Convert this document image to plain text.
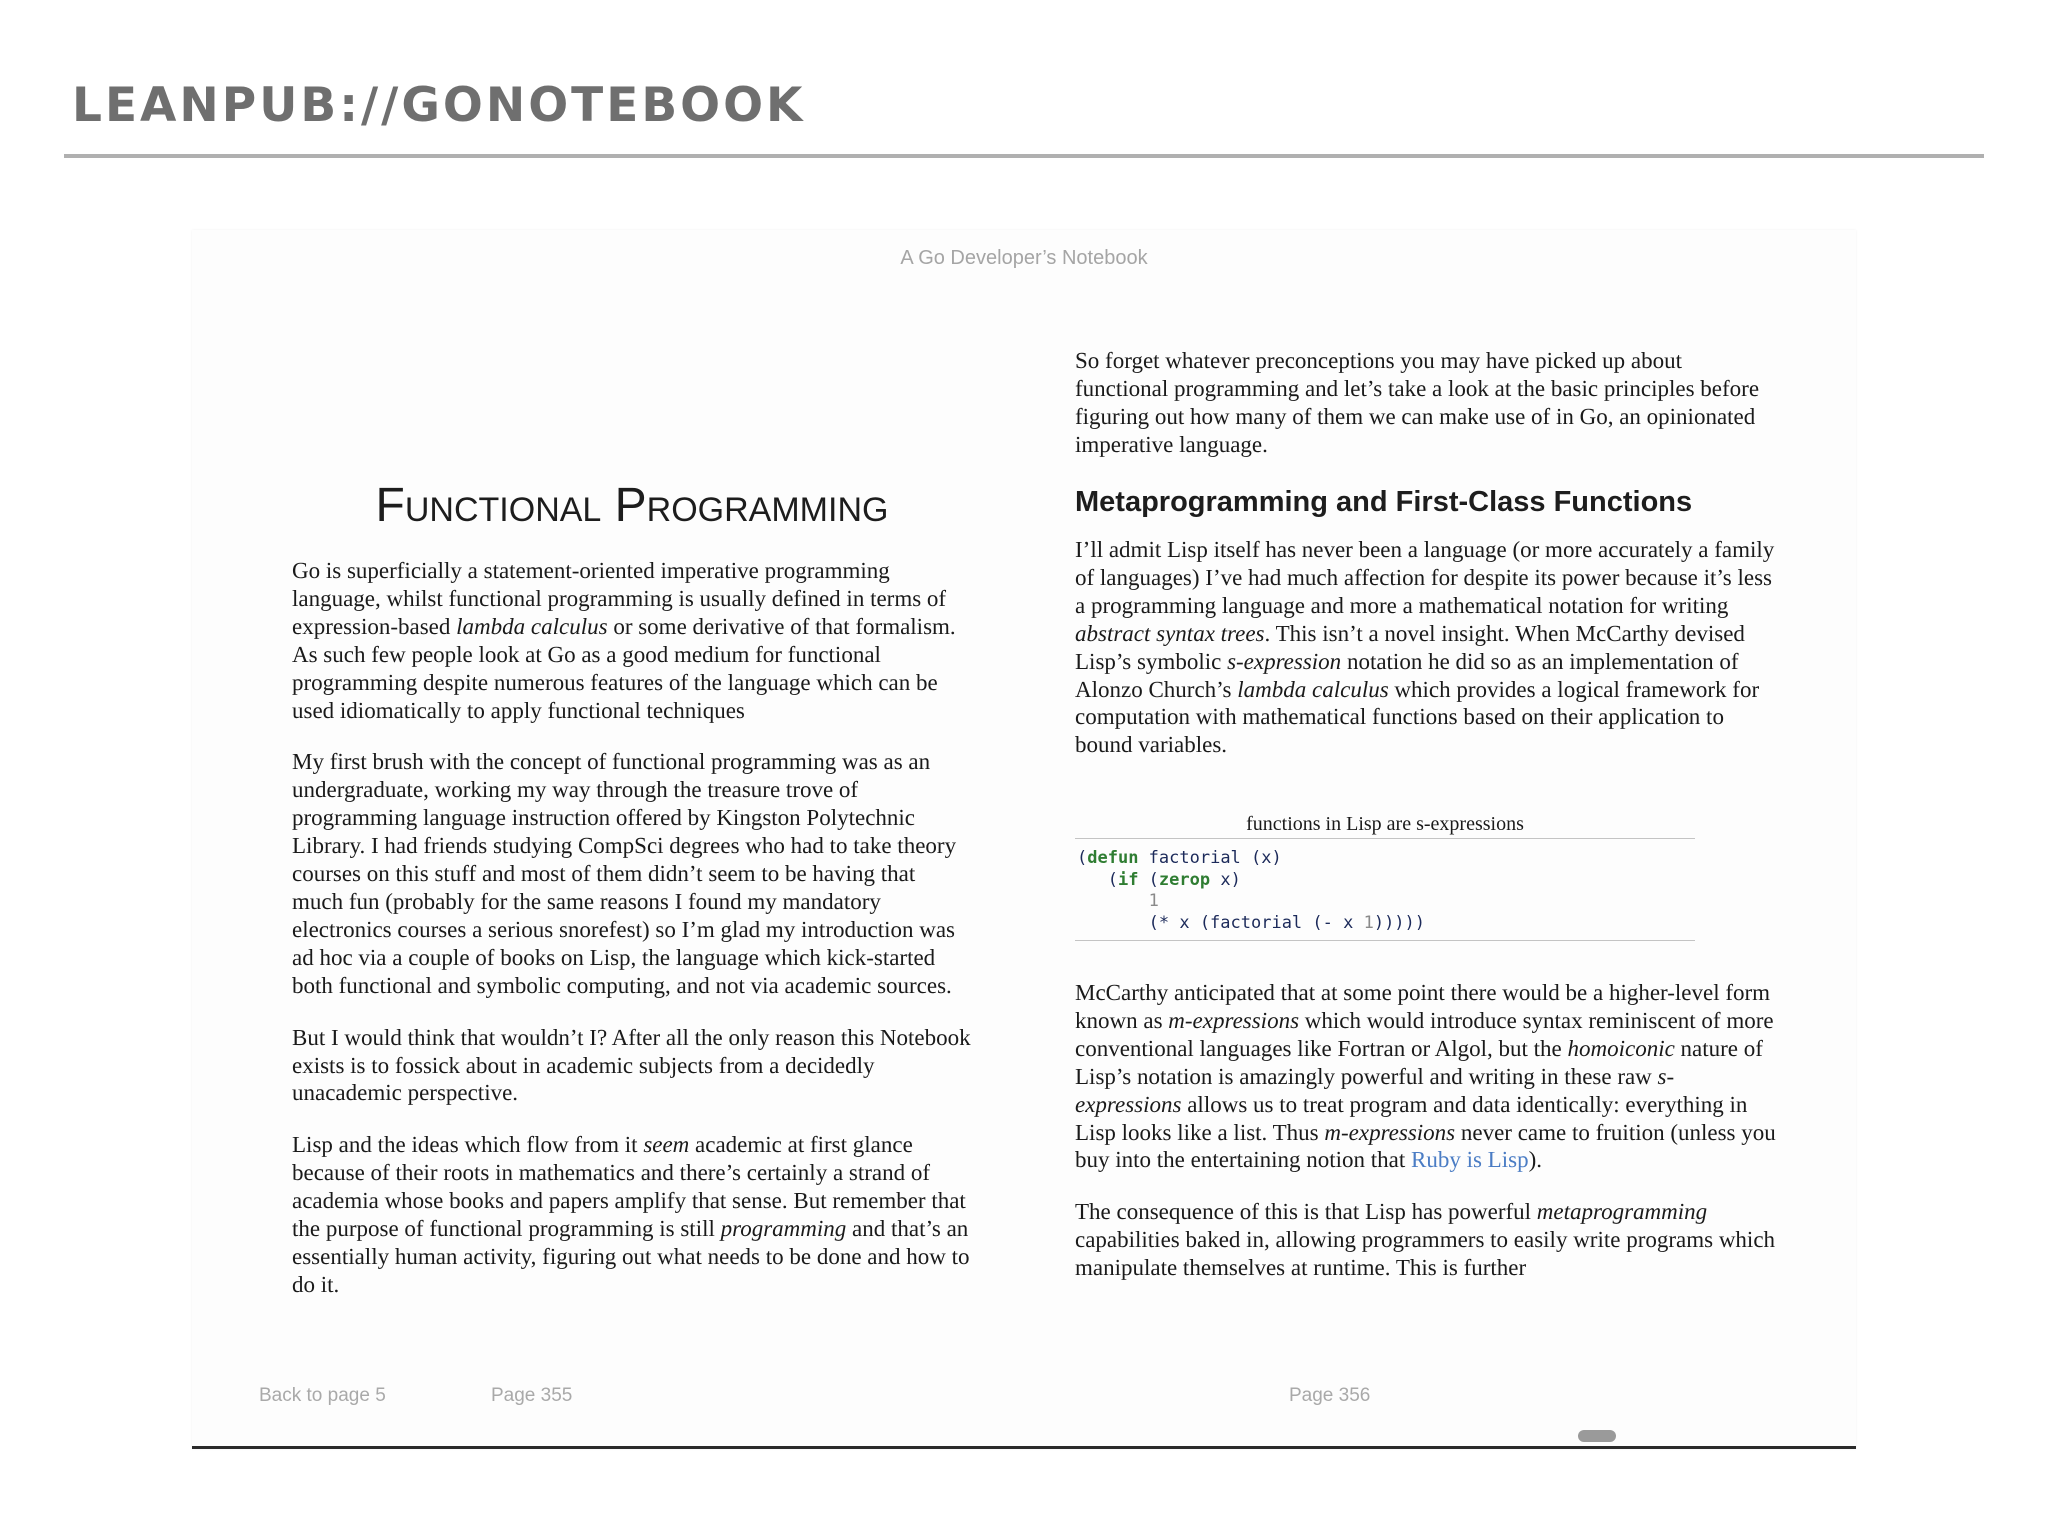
LEANPUB://GONOTEBOOK
A Go Developer’s Notebook
Functional Programming

Go is superficially a statement-oriented imperative programming language, whilst functional programming is usually defined in terms of expression-based lambda calculus or some derivative of that formalism. As such few people look at Go as a good medium for functional programming despite numerous features of the language which can be used idiomatically to apply functional techniques

My first brush with the concept of functional programming was as an undergraduate, working my way through the treasure trove of programming language instruction offered by Kingston Polytechnic Library. I had friends studying CompSci degrees who had to take theory courses on this stuff and most of them didn’t seem to be having that much fun (probably for the same reasons I found my mandatory electronics courses a serious snorefest) so I’m glad my introduction was ad hoc via a couple of books on Lisp, the language which kick-started both functional and symbolic computing, and not via academic sources.

But I would think that wouldn’t I? After all the only reason this Notebook exists is to fossick about in academic subjects from a decidedly unacademic perspective.

Lisp and the ideas which flow from it seem academic at first glance because of their roots in mathematics and there’s certainly a strand of academia whose books and papers amplify that sense. But remember that the purpose of functional programming is still programming and that’s an essentially human activity, figuring out what needs to be done and how to do it.

So forget whatever preconceptions you may have picked up about functional programming and let’s take a look at the basic principles before figuring out how many of them we can make use of in Go, an opinionated imperative language.

Metaprogramming and First-Class Functions

I’ll admit Lisp itself has never been a language (or more accurately a family of languages) I’ve had much affection for despite its power because it’s less a programming language and more a mathematical notation for writing abstract syntax trees. This isn’t a novel insight. When McCarthy devised Lisp’s symbolic s-expression notation he did so as an implementation of Alonzo Church’s lambda calculus which provides a logical framework for computation with mathematical functions based on their application to bound variables.

functions in Lisp are s-expressions
(defun factorial (x)
(if (zerop x)
1
(* x (factorial (- x 1)))))

McCarthy anticipated that at some point there would be a higher-level form known as m-expressions which would introduce syntax reminiscent of more conventional languages like Fortran or Algol, but the homoiconic nature of Lisp’s notation is amazingly powerful and writing in these raw s-expressions allows us to treat program and data identically: everything in Lisp looks like a list. Thus m-expressions never came to fruition (unless you buy into the entertaining notion that Ruby is Lisp).

The consequence of this is that Lisp has powerful metaprogramming capabilities baked in, allowing programmers to easily write programs which manipulate themselves at runtime. This is further

Back to page 5	Page 355	Page 356
